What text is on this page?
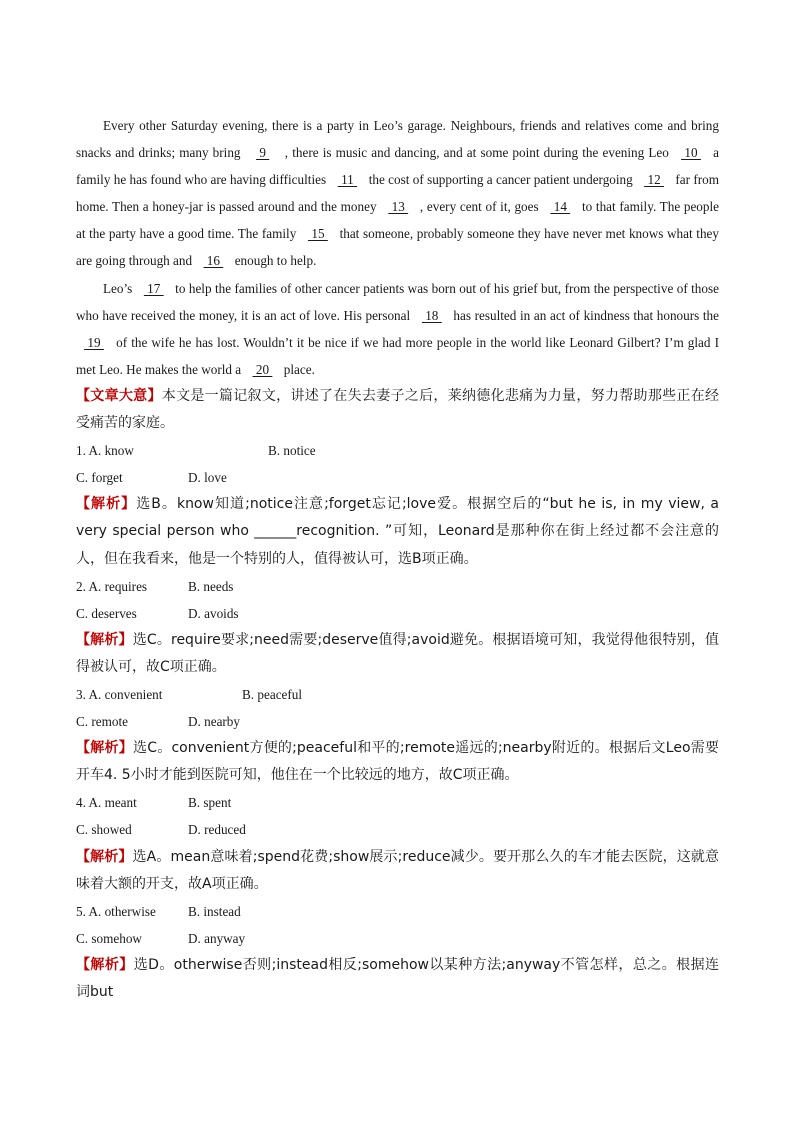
Every other Saturday evening, there is a party in Leo’s garage. Neighbours, friends and relatives come and bring snacks and drinks; many bring  9  , there is music and dancing, and at some point during the evening Leo  10  a family he has found who are having difficulties  11  the cost of supporting a cancer patient undergoing  12  far from home. Then a honey-jar is passed around and the money  13  , every cent of it, goes  14  to that family. The people at the party have a good time. The family  15  that someone, probably someone they have never met knows what they are going through and  16  enough to help.

Leo’s  17  to help the families of other cancer patients was born out of his grief but, from the perspective of those who have received the money, it is an act of love. His personal  18  has resulted in an act of kindness that honours the  19  of the wife he has lost. Wouldn’t it be nice if we had more people in the world like Leonard Gilbert? I’m glad I met Leo. He makes the world a  20  place.

【文章大意】本文是一篇记叙文，讲述了在失去妻子之后，莱纳德化悲痛为力量，努力帮助那些正在经受痛苦的家庭。

1. A. know	B. notice
C. forget	D. love

【解析】选B。know知道;notice注意;forget忘记;love爱。根据空后的“but he is, in my view, a very special person who ______recognition. ”可知，Leonard是那种你在街上经过都不会注意的人，但在我看来，他是一个特别的人，值得被认可，选B项正确。

2. A. requires	B. needs
C. deserves	D. avoids

【解析】选C。require要求;need需要;deserve值得;avoid避免。根据语境可知，我觉得他很特别，值得被认可，故C项正确。

3. A. convenient	B. peaceful
C. remote	D. nearby

【解析】选C。convenient方便的;peaceful和平的;remote遥远的;nearby附近的。根据后文Leo需要开车4. 5小时才能到医院可知，他住在一个比较远的地方，故C项正确。

4. A. meant	B. spent
C. showed	D. reduced

【解析】选A。mean意味着;spend花费;show展示;reduce减少。要开那么久的车才能去医院，这就意味着大额的开支，故A项正确。

5. A. otherwise B. instead
C. somehow	D. anyway

【解析】选D。otherwise否则;instead相反;somehow以某种方法;anyway不管怎样，总之。根据连词but
